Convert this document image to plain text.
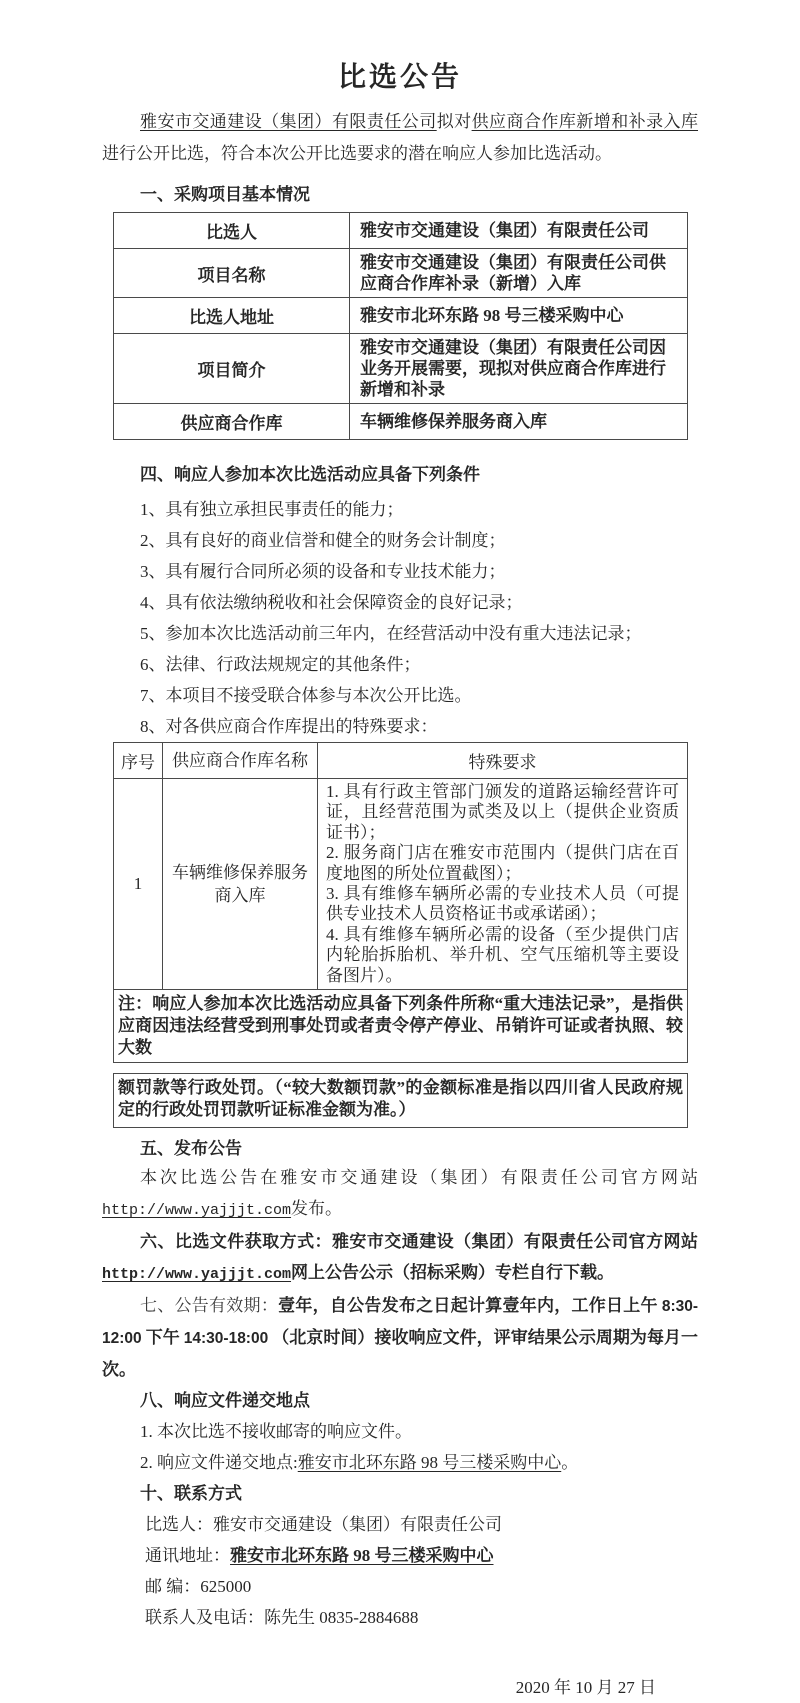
比选公告

雅安市交通建设（集团）有限责任公司拟对供应商合作库新增和补录入库进行公开比选，符合本次公开比选要求的潜在响应人参加比选活动。

一、采购项目基本情况

比选人	雅安市交通建设（集团）有限责任公司
项目名称	雅安市交通建设（集团）有限责任公司供应商合作库补录（新增）入库
比选人地址	雅安市北环东路 98 号三楼采购中心
项目简介	雅安市交通建设（集团）有限责任公司因业务开展需要，现拟对供应商合作库进行新增和补录
供应商合作库	车辆维修保养服务商入库

四、响应人参加本次比选活动应具备下列条件

1、具有独立承担民事责任的能力；
2、具有良好的商业信誉和健全的财务会计制度；
3、具有履行合同所必须的设备和专业技术能力；
4、具有依法缴纳税收和社会保障资金的良好记录；
5、参加本次比选活动前三年内，在经营活动中没有重大违法记录；
6、法律、行政法规规定的其他条件；
7、本项目不接受联合体参与本次公开比选。
8、对各供应商合作库提出的特殊要求：
序号	供应商合作库名称	特殊要求
1	车辆维修保养服务商入库	1. 具有行政主管部门颁发的道路运输经营许可证，且经营范围为贰类及以上（提供企业资质证书）；
2. 服务商门店在雅安市范围内（提供门店在百度地图的所处位置截图）；
3. 具有维修车辆所必需的专业技术人员（可提供专业技术人员资格证书或承诺函）；
4. 具有维修车辆所必需的设备（至少提供门店内轮胎拆胎机、举升机、空气压缩机等主要设备图片）。

注：响应人参加本次比选活动应具备下列条件所称“重大违法记录”，是指供应商因违法经营受到刑事处罚或者责令停产停业、吊销许可证或者执照、较大数		
额罚款等行政处罚。（“较大数额罚款”的金额标准是指以四川省人民政府规定的行政处罚罚款听证标准金额为准。）

五、发布公告

本次比选公告在雅安市交通建设（集团）有限责任公司官方网站http://www.yajjjt.com发布。

六、比选文件获取方式：雅安市交通建设（集团）有限责任公司官方网站http://www.yajjjt.com网上公告公示（招标采购）专栏自行下载。

七、公告有效期：壹年，自公告发布之日起计算壹年内，工作日上午 8:30-12:00 下午 14:30-18:00 （北京时间）接收响应文件，评审结果公示周期为每月一次。

八、响应文件递交地点

1. 本次比选不接收邮寄的响应文件。

2. 响应文件递交地点:雅安市北环东路 98 号三楼采购中心。

十、联系方式

比选人：雅安市交通建设（集团）有限责任公司

通讯地址：雅安市北环东路 98 号三楼采购中心

邮 编：625000

联系人及电话：陈先生 0835-2884688

2020 年 10 月 27 日
